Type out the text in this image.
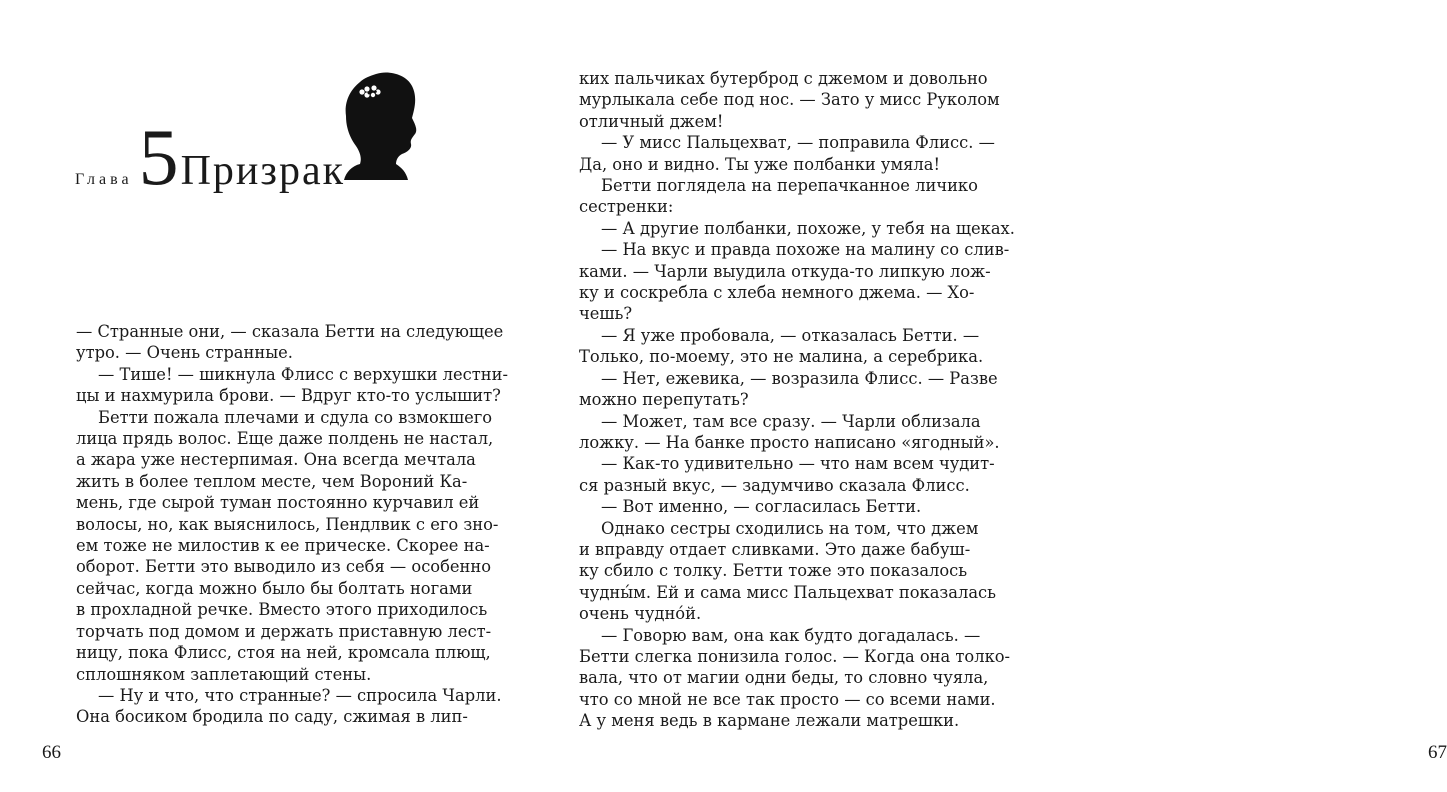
Глава 5 Призрак
— Странные они, — сказала Бетти на следующее
утро. — Очень странные.
— Тише! — шикнула Флисс с верхушки лестни-
цы и нахмурила брови. — Вдруг кто-то услышит?
Бетти пожала плечами и сдула со взмокшего
лица прядь волос. Еще даже полдень не настал,
а жара уже нестерпимая. Она всегда мечтала
жить в более теплом месте, чем Вороний Ка-
мень, где сырой туман постоянно курчавил ей
волосы, но, как выяснилось, Пендлвик с его зно-
ем тоже не милостив к ее прическе. Скорее на-
оборот. Бетти это выводило из себя — особенно
сейчас, когда можно было бы болтать ногами
в прохладной речке. Вместо этого приходилось
торчать под домом и держать приставную лест-
ницу, пока Флисс, стоя на ней, кромсала плющ,
сплошняком заплетающий стены.
— Ну и что, что странные? — спросила Чарли.
Она босиком бродила по саду, сжимая в лип-
66	67
ких пальчиках бутерброд с джемом и довольно
мурлыкала себе под нос. — Зато у мисс Руколом
отличный джем!
— У мисс Пальцехват, — поправила Флисс. —
Да, оно и видно. Ты уже полбанки умяла!
Бетти поглядела на перепачканное личико
сестренки:
— А другие полбанки, похоже, у тебя на щеках.
— На вкус и правда похоже на малину со слив-
ками. — Чарли выудила откуда-то липкую лож-
ку и соскребла с хлеба немного джема. — Хо-
чешь?
— Я уже пробовала, — отказалась Бетти. —
Только, по-моему, это не малина, а серебрика.
— Нет, ежевика, — возразила Флисс. — Разве
можно перепутать?
— Может, там все сразу. — Чарли облизала
ложку. — На банке просто написано «ягодный».
— Как-то удивительно — что нам всем чудит-
ся разный вкус, — задумчиво сказала Флисс.
— Вот именно, — согласилась Бетти.
Однако сестры сходились на том, что джем
и вправду отдает сливками. Это даже бабуш-
ку сбило с толку. Бетти тоже это показалось
чудны́м. Ей и сама мисс Пальцехват показалась
очень чудно́й.
— Говорю вам, она как будто догадалась. —
Бетти слегка понизила голос. — Когда она толко-
вала, что от магии одни беды, то словно чуяла,
что со мной не все так просто — со всеми нами.
А у меня ведь в кармане лежали матрешки.
